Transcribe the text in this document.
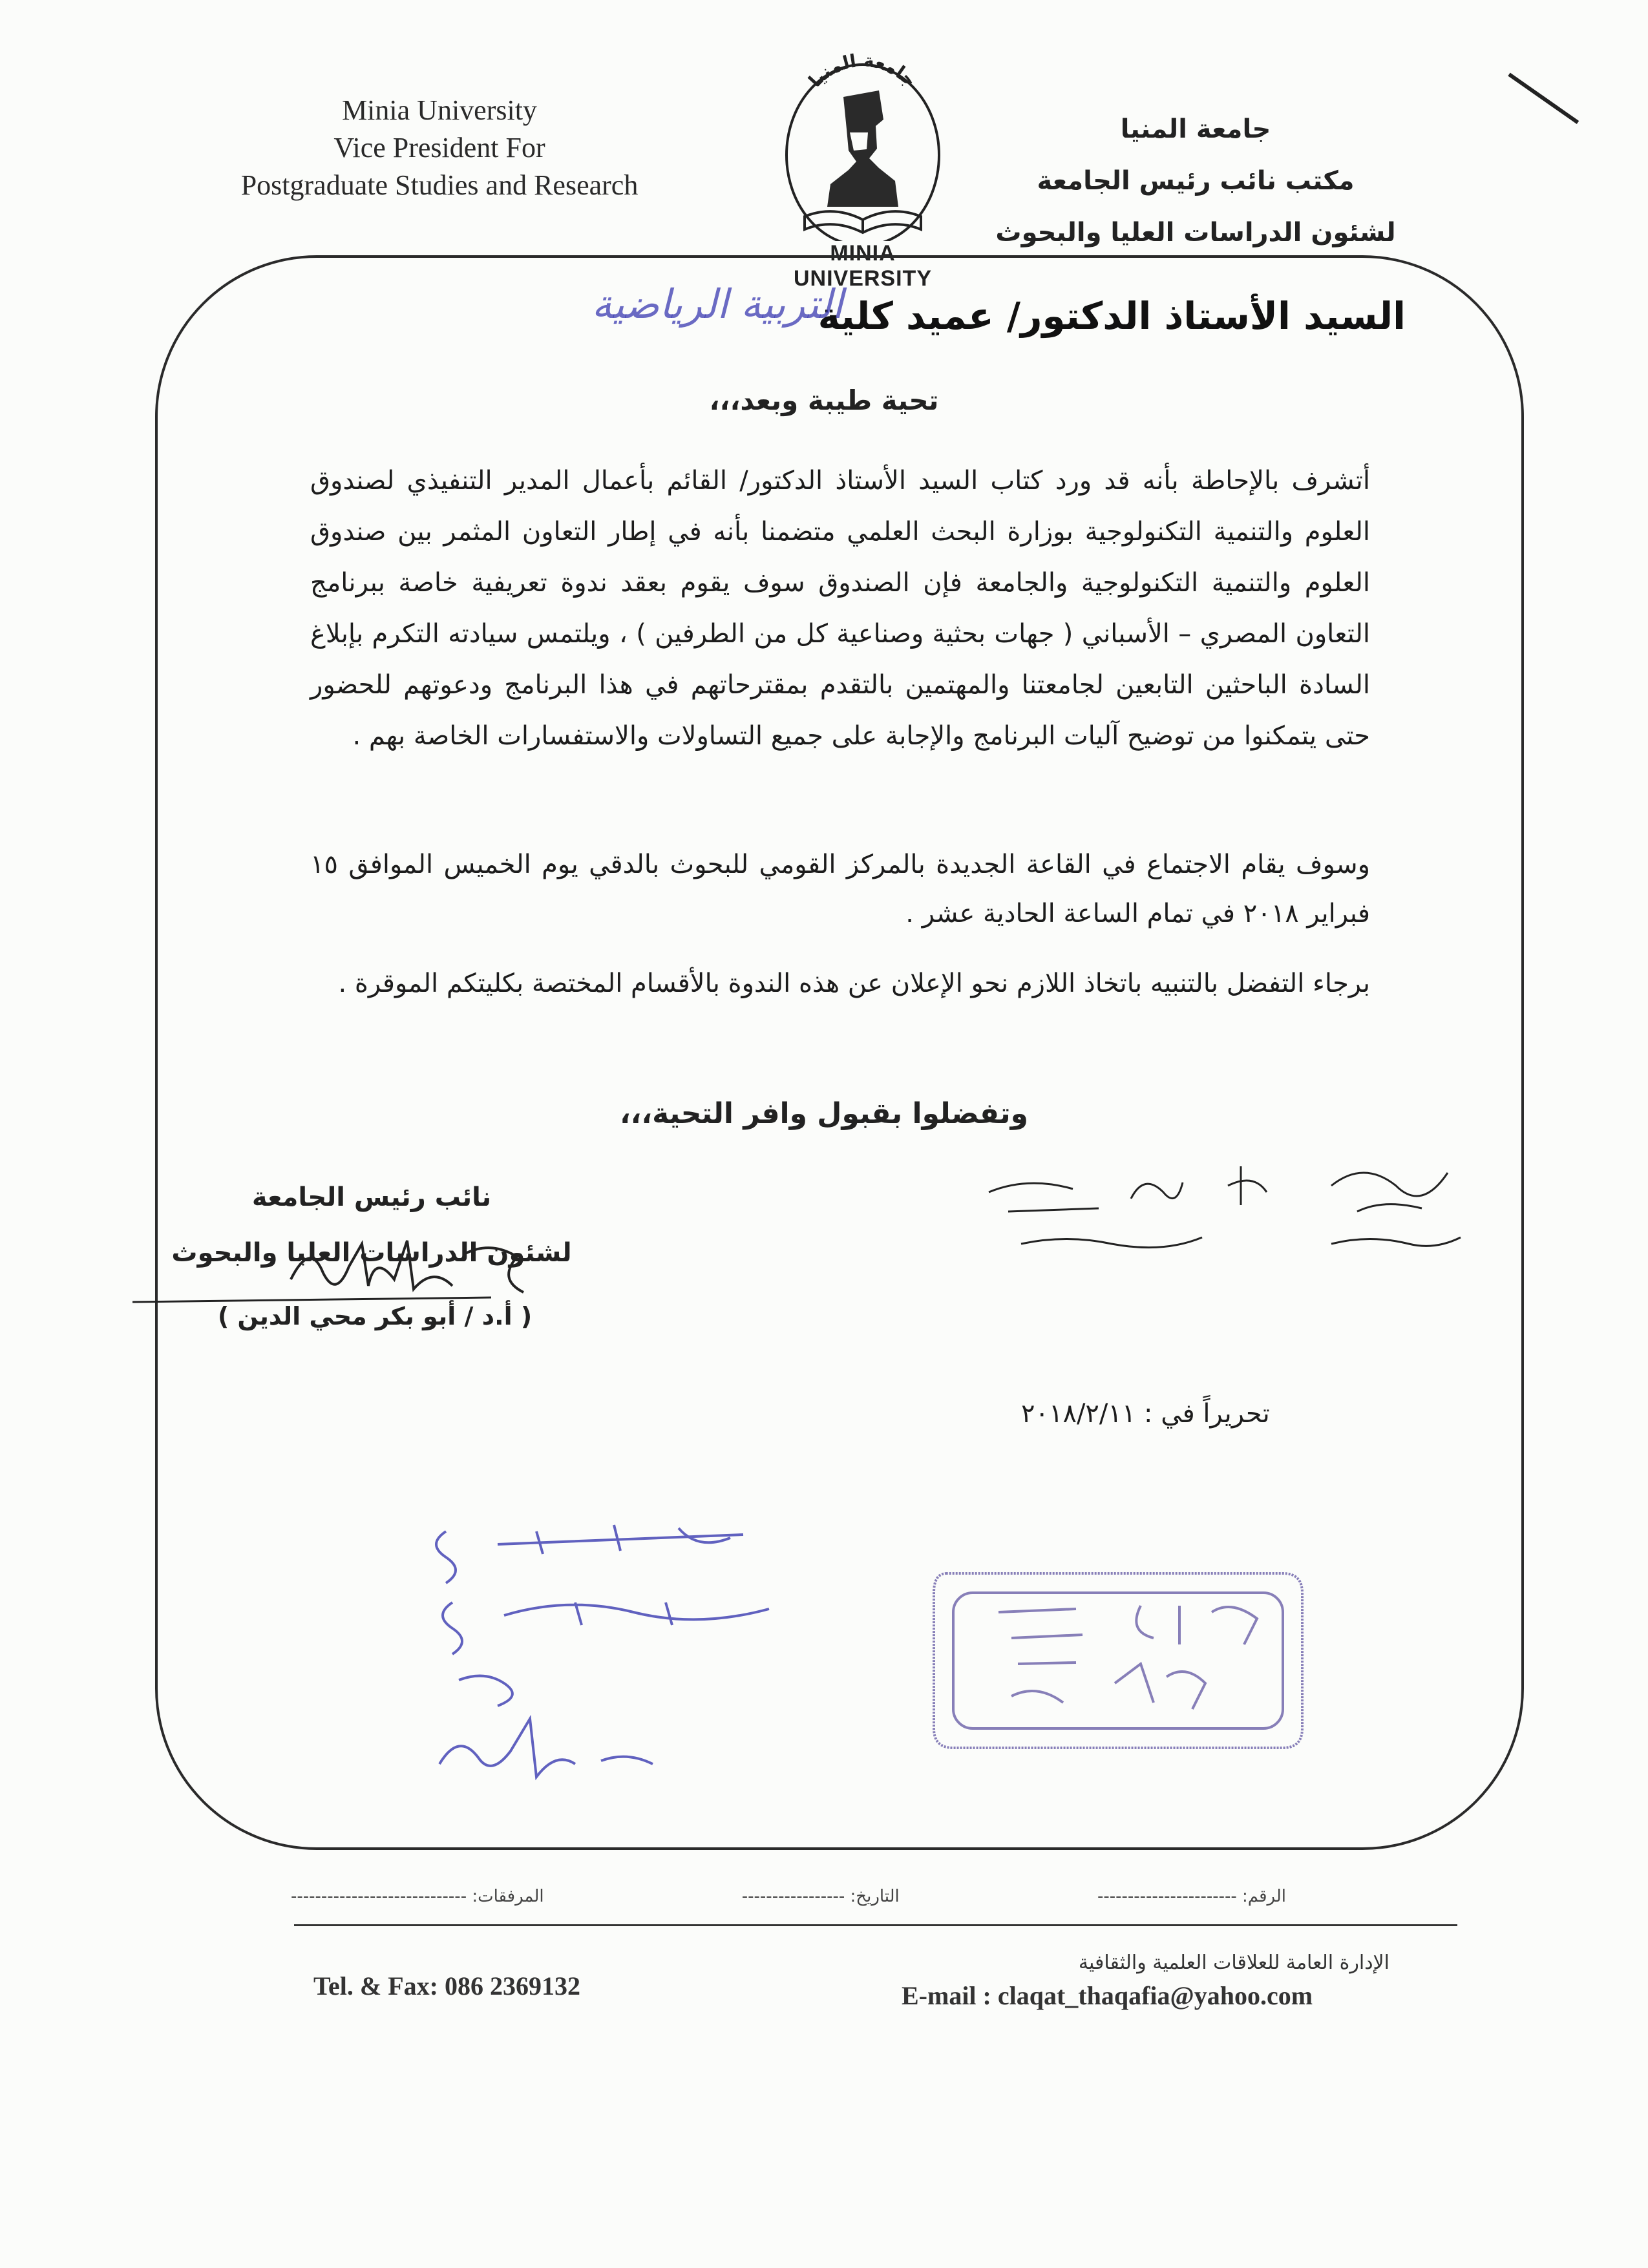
Minia University
Vice President For
Postgraduate Studies and Research
جامعة المنيا
MINIA UNIVERSITY
جامعة المنيا
مكتب نائب رئيس الجامعة
لشئون الدراسات العليا والبحوث
السيد الأستاذ الدكتور/ عميد كلية
التربية الرياضية
تحية طيبة وبعد،،،
أتشرف بالإحاطة بأنه قد ورد كتاب السيد الأستاذ الدكتور/ القائم بأعمال المدير التنفيذي لصندوق العلوم والتنمية التكنولوجية بوزارة البحث العلمي متضمنا بأنه في إطار التعاون المثمر بين صندوق العلوم والتنمية التكنولوجية والجامعة فإن الصندوق سوف يقوم بعقد ندوة تعريفية خاصة ببرنامج التعاون المصري – الأسباني ( جهات بحثية وصناعية كل من الطرفين ) ، ويلتمس سيادته التكرم بإبلاغ السادة الباحثين التابعين لجامعتنا والمهتمين بالتقدم بمقترحاتهم في هذا البرنامج ودعوتهم للحضور حتى يتمكنوا من توضيح آليات البرنامج والإجابة على جميع التساولات والاستفسارات الخاصة بهم .
وسوف يقام الاجتماع في القاعة الجديدة بالمركز القومي للبحوث بالدقي يوم الخميس الموافق ١٥ فبراير ٢٠١٨ في تمام الساعة الحادية عشر .
برجاء التفضل بالتنبيه باتخاذ اللازم نحو الإعلان عن هذه الندوة بالأقسام المختصة بكليتكم الموقرة .
وتفضلوا بقبول وافر التحية،،،
نائب رئيس الجامعة
لشئون الدراسات العليا والبحوث
( أ.د / أبو بكر محي الدين )
تحريراً في : ٢٠١٨/٢/١١
الرقم: -----------------------
التاريخ: -----------------
المرفقات: -----------------------------
الإدارة العامة للعلاقات العلمية والثقافية
Tel. & Fax: 086 2369132	E-mail : claqat_thaqafia@yahoo.com
